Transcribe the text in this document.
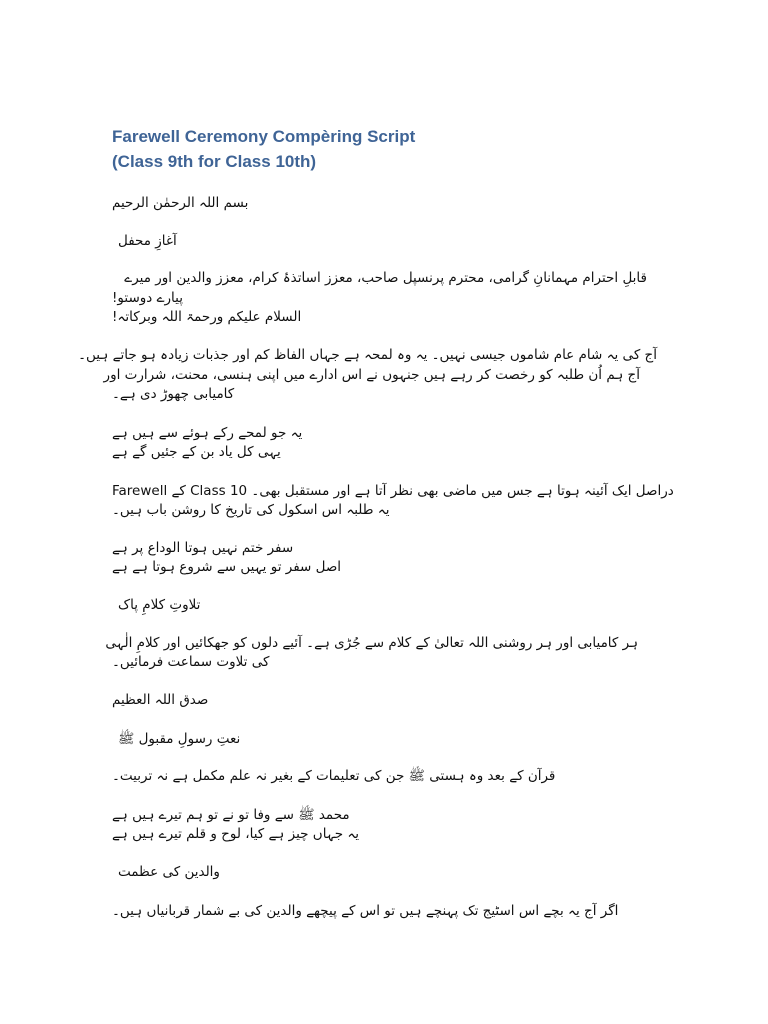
Farewell Ceremony Compèring Script
(Class 9th for Class 10th)
بسم اللہ الرحمٰن الرحیم
آغازِ محفل
قابلِ احترام مہمانانِ گرامی، محترم پرنسپل صاحب، معزز اساتذۂ کرام، معزز والدین اور میرے
پیارے دوستو!
السلام علیکم ورحمۃ اللہ وبرکاتہ!
آج کی یہ شام عام شاموں جیسی نہیں۔ یہ وہ لمحہ ہے جہاں الفاظ کم اور جذبات زیادہ ہو جاتے ہیں۔
آج ہم اُن طلبہ کو رخصت کر رہے ہیں جنہوں نے اس ادارے میں اپنی ہنسی، محنت، شرارت اور
کامیابی چھوڑ دی ہے۔
یہ جو لمحے رکے ہوئے سے ہیں ہے
یہی کل یاد بن کے جئیں گے ہے
Farewell کے Class 10 دراصل ایک آئینہ ہوتا ہے جس میں ماضی بھی نظر آتا ہے اور مستقبل بھی۔
یہ طلبہ اس اسکول کی تاریخ کا روشن باب ہیں۔
سفر ختم نہیں ہوتا الوداع پر ہے
اصل سفر تو یہیں سے شروع ہوتا ہے ہے
تلاوتِ کلامِ پاک
ہر کامیابی اور ہر روشنی اللہ تعالیٰ کے کلام سے جُڑی ہے۔ آئیے دلوں کو جھکائیں اور کلامِ الٰہی
کی تلاوت سماعت فرمائیں۔
صدق اللہ العظیم
نعتِ رسولِ مقبول ﷺ
قرآن کے بعد وہ ہستی ﷺ جن کی تعلیمات کے بغیر نہ علم مکمل ہے نہ تربیت۔
محمد ﷺ سے وفا تو نے تو ہم تیرے ہیں ہے
یہ جہاں چیز ہے کیا، لوح و قلم تیرے ہیں ہے
والدین کی عظمت
اگر آج یہ بچے اس اسٹیج تک پہنچے ہیں تو اس کے پیچھے والدین کی بے شمار قربانیاں ہیں۔
